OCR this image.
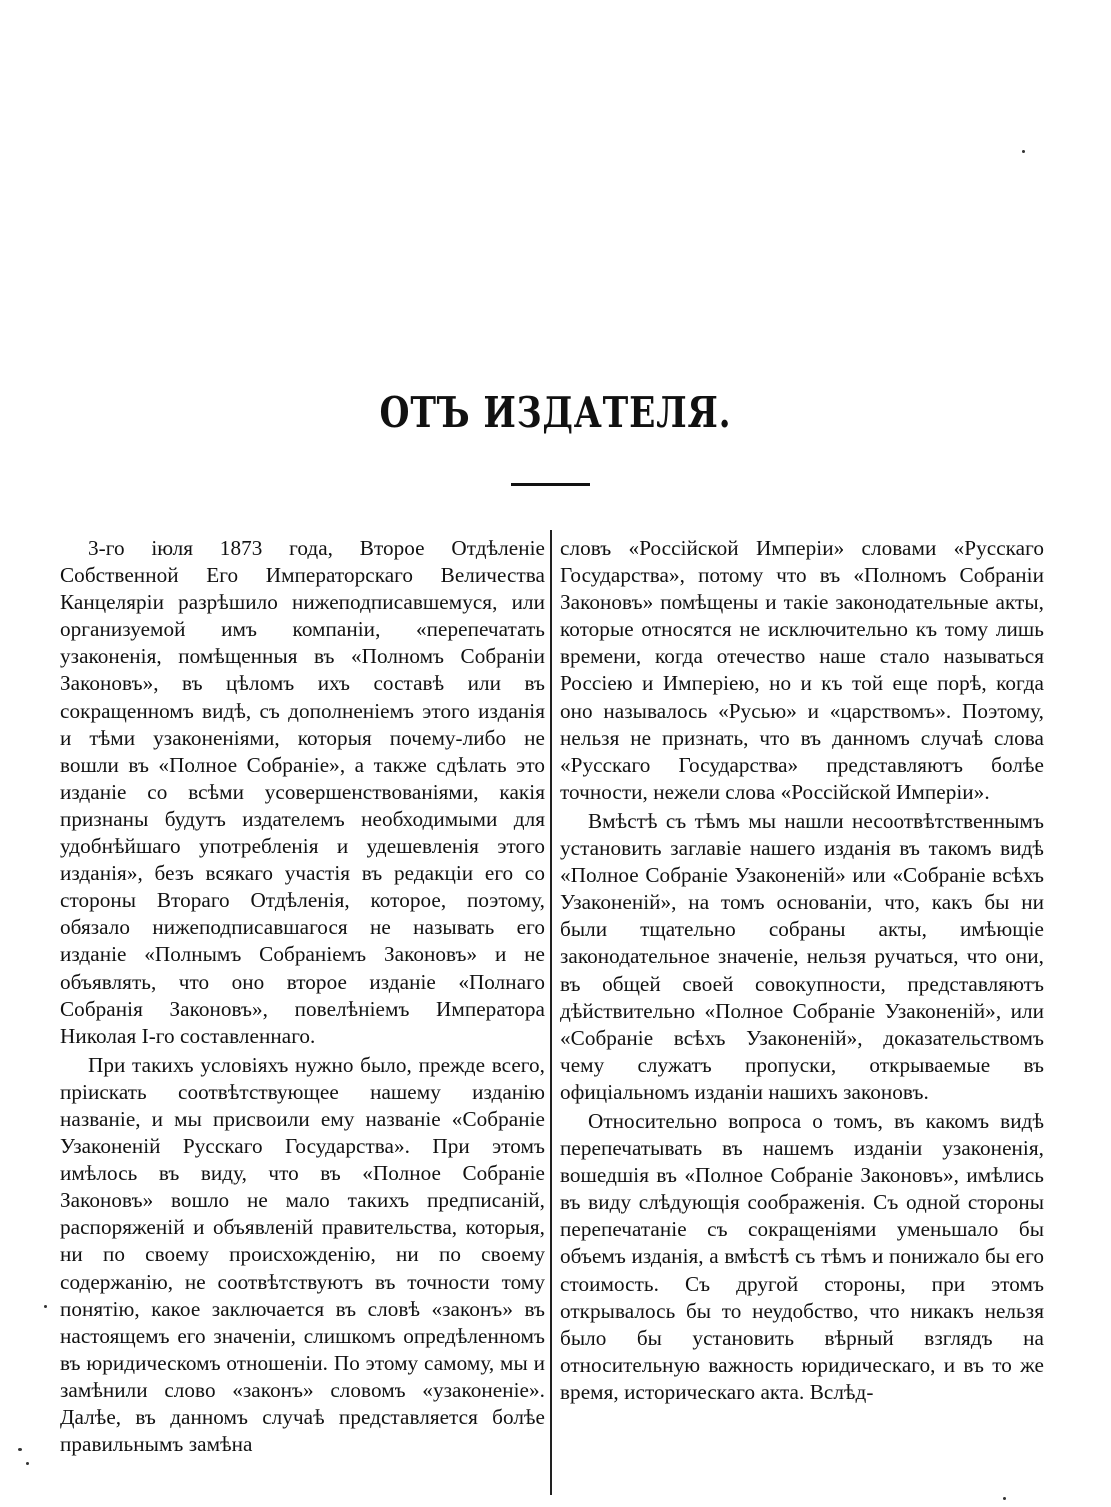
ОТЪ ИЗДАТЕЛЯ.

3-го іюля 1873 года, Второе Отдѣленіе Собственной Его Императорскаго Величества Канцеляріи разрѣшило нижеподписавшемуся, или организуемой имъ компаніи, «перепечатать узаконенія, помѣщенныя въ «Полномъ Собраніи Законовъ», въ цѣломъ ихъ составѣ или въ сокращенномъ видѣ, съ дополненіемъ этого изданія и тѣми узаконеніями, которыя почему-либо не вошли въ «Полное Собраніе», а также сдѣлать это изданіе со всѣми усовершенствованіями, какія признаны будутъ издателемъ необходимыми для удобнѣйшаго употребленія и удешевленія этого изданія», безъ всякаго участія въ редакціи его со стороны Втораго Отдѣленія, которое, поэтому, обязало нижеподписавшагося не называть его изданіе «Полнымъ Собраніемъ Законовъ» и не объявлять, что оно второе изданіе «Полнаго Собранія Законовъ», повелѣніемъ Императора Николая I-го составленнаго.

При такихъ условіяхъ нужно было, прежде всего, пріискать соотвѣтствующее нашему изданію названіе, и мы присвоили ему названіе «Собраніе Узаконеній Русскаго Государства». При этомъ имѣлось въ виду, что въ «Полное Собраніе Законовъ» вошло не мало такихъ предписаній, распоряженій и объявленій правительства, которыя, ни по своему происхожденію, ни по своему содержанію, не соотвѣтствуютъ въ точности тому понятію, какое заключается въ словѣ «законъ» въ настоящемъ его значеніи, слишкомъ опредѣленномъ въ юридическомъ отношеніи. По этому самому, мы и замѣнили слово «законъ» словомъ «узаконеніе». Далѣе, въ данномъ случаѣ представляется болѣе правильнымъ замѣна

словъ «Россійской Имперіи» словами «Русскаго Государства», потому что въ «Полномъ Собраніи Законовъ» помѣщены и такіе законодательные акты, которые относятся не исключительно къ тому лишь времени, когда отечество наше стало называться Россіею и Имперіею, но и къ той еще порѣ, когда оно называлось «Русью» и «царствомъ». Поэтому, нельзя не признать, что въ данномъ случаѣ слова «Русскаго Государства» представляютъ болѣе точности, нежели слова «Россійской Имперіи».

Вмѣстѣ съ тѣмъ мы нашли несоотвѣтственнымъ установить заглавіе нашего изданія въ такомъ видѣ «Полное Собраніе Узаконеній» или «Собраніе всѣхъ Узаконеній», на томъ основаніи, что, какъ бы ни были тщательно собраны акты, имѣющіе законодательное значеніе, нельзя ручаться, что они, въ общей своей совокупности, представляютъ дѣйствительно «Полное Собраніе Узаконеній», или «Собраніе всѣхъ Узаконеній», доказательствомъ чему служатъ пропуски, открываемые въ офиціальномъ изданіи нашихъ законовъ.

Относительно вопроса о томъ, въ какомъ видѣ перепечатывать въ нашемъ изданіи узаконенія, вошедшія въ «Полное Собраніе Законовъ», имѣлись въ виду слѣдующія соображенія. Съ одной стороны перепечатаніе съ сокращеніями уменьшало бы объемъ изданія, а вмѣстѣ съ тѣмъ и понижало бы его стоимость. Съ другой стороны, при этомъ открывалось бы то неудобство, что никакъ нельзя было бы установить вѣрный взглядъ на относительную важность юридическаго, и въ то же время, историческаго акта. Вслѣд-
